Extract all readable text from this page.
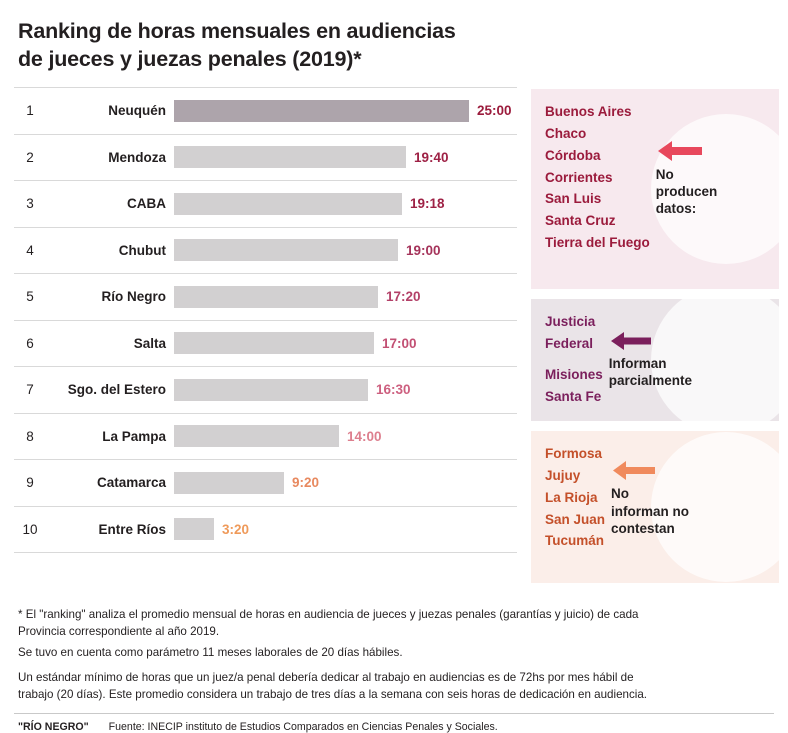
Ranking de horas mensuales en audiencias
de jueces y juezas penales (2019)*
1	Neuquén	25:00
2	Mendoza	19:40
3	CABA	19:18
4	Chubut	19:00
5	Río Negro	17:20
6	Salta	17:00
7	Sgo. del Estero	16:30
8	La Pampa	14:00
9	Catamarca	9:20
10	Entre Ríos	3:20
Buenos Aires
Chaco
Córdoba
Corrientes
San Luis
Santa Cruz
Tierra del Fuego
No
producen
datos:
Justicia
Federal
Misiones
Santa Fe
Informan
parcialmente
Formosa
Jujuy
La Rioja
San Juan
Tucumán
No
informan no
contestan
* El "ranking" analiza el promedio mensual de horas en audiencia de jueces y juezas penales (garantías y juicio) de cada
Provincia correspondiente al año 2019.
Se tuvo en cuenta como parámetro 11 meses laborales de 20 días hábiles.
Un estándar mínimo de horas que un juez/a penal debería dedicar al trabajo en audiencias es de 72hs por mes hábil de
trabajo (20 días). Este promedio considera un trabajo de tres días a la semana con seis horas de dedicación en audiencia.
"RÍO NEGRO" Fuente: INECIP instituto de Estudios Comparados en Ciencias Penales y Sociales.
